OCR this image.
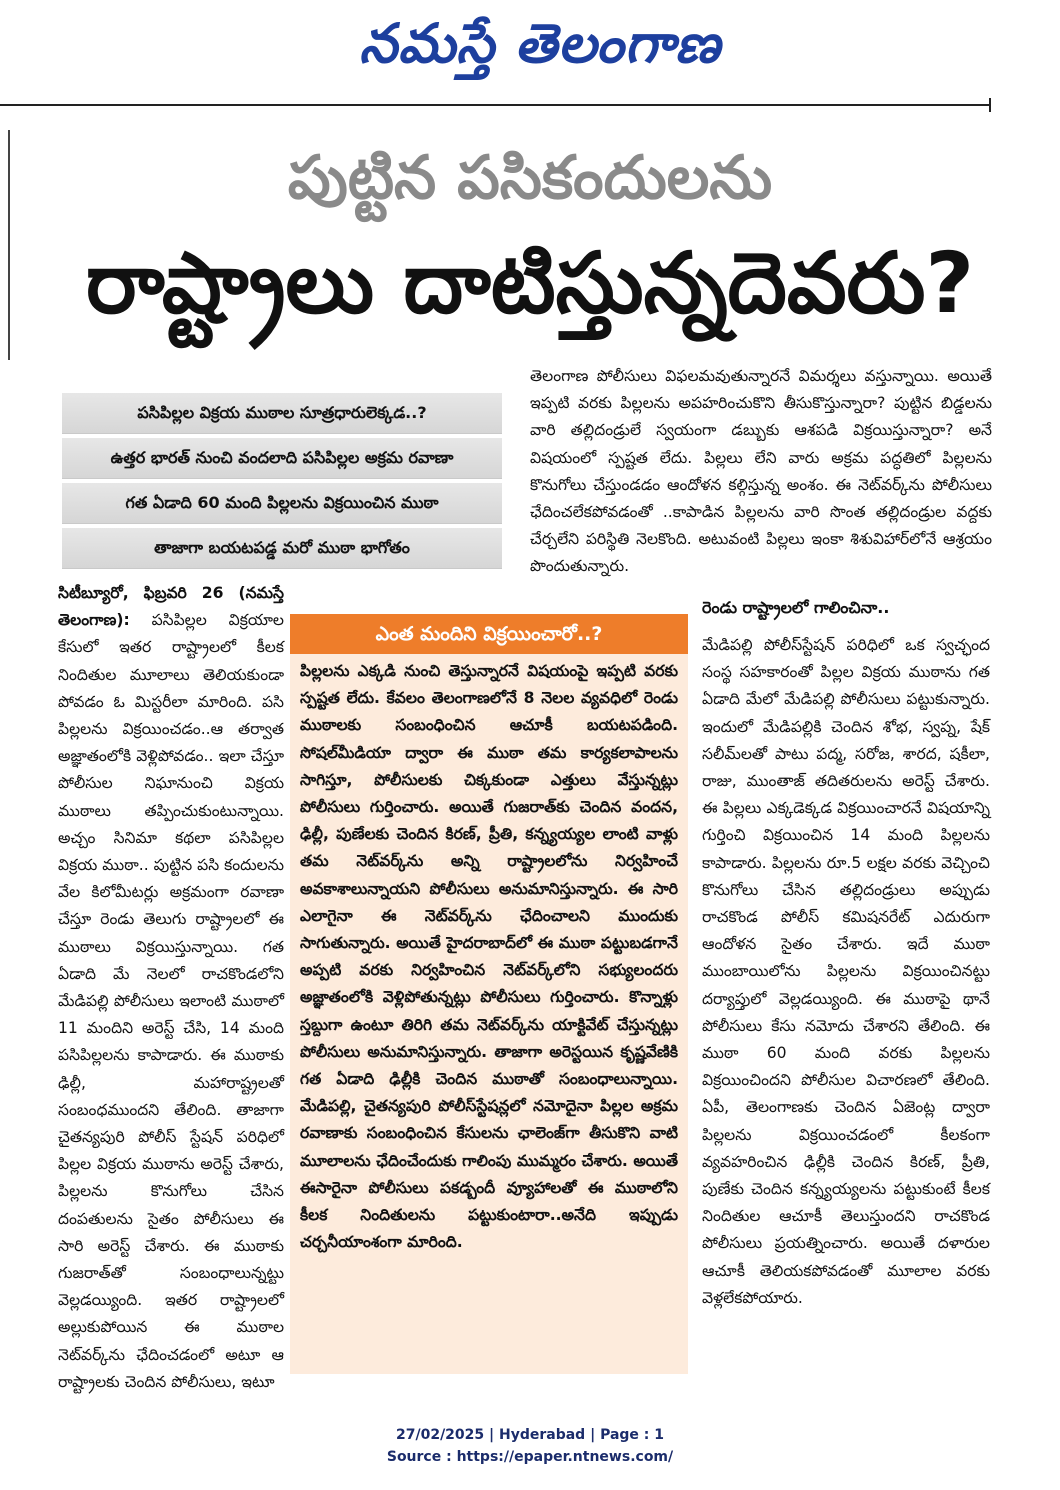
నమస్తే తెలంగాణ
పుట్టిన పసికందులను
రాష్ట్రాలు దాటిస్తున్నదెవరు?
పసిపిల్లల విక్రయ ముఠాల సూత్రధారులెక్కడ..?
ఉత్తర భారత్ నుంచి వందలాది పసిపిల్లల అక్రమ రవాణా
గత ఏడాది 60 మంది పిల్లలను విక్రయించిన ముఠా
తాజాగా బయటపడ్డ మరో ముఠా భాగోతం

సిటీబ్యూరో, ఫిబ్రవరి 26 (నమస్తే తెలంగాణ): పసిపిల్లల విక్రయాల కేసులో ఇతర రాష్ట్రాలలో కీలక నిందితుల మూలాలు తెలియకుండా పోవడం ఓ మిస్టరీలా మారింది. పసి పిల్లలను విక్రయించడం..ఆ తర్వాత అజ్ఞాతంలోకి వెళ్లిపోవడం.. ఇలా చేస్తూ పోలీసుల నిఘానుంచి విక్రయ ముఠాలు తప్పించుకుంటున్నాయి. అచ్చం సినిమా కథలా పసిపిల్లల విక్రయ ముఠా.. పుట్టిన పసి కందులను వేల కిలోమీటర్లు అక్రమంగా రవాణా చేస్తూ రెండు తెలుగు రాష్ట్రాలలో ఈ ముఠాలు విక్రయిస్తున్నాయి. గత ఏడాది మే నెలలో రాచకొండలోని మేడిపల్లి పోలీసులు ఇలాంటి ముఠాలో 11 మందిని అరెస్ట్ చేసి, 14 మంది పసిపిల్లలను కాపాడారు. ఈ ముఠాకు ఢిల్లీ, మహారాష్ట్రలతో సంబంధముందని తేలింది. తాజాగా చైతన్యపురి పోలీస్ స్టేషన్ పరిధిలో పిల్లల విక్రయ ముఠాను అరెస్ట్ చేశారు, పిల్లలను కొనుగోలు చేసిన దంపతులను సైతం పోలీసులు ఈ సారి అరెస్ట్ చేశారు. ఈ ముఠాకు గుజరాత్‌తో సంబంధాలున్నట్టు వెల్లడయ్యింది. ఇతర రాష్ట్రాలలో అల్లుకుపోయిన ఈ ముఠాల నెట్‌వర్క్‌ను ఛేదించడంలో అటూ ఆ రాష్ట్రాలకు చెందిన పోలీసులు, ఇటూ

తెలంగాణ పోలీసులు విఫలమవుతున్నారనే విమర్శలు వస్తున్నాయి. అయితే ఇప్పటి వరకు పిల్లలను అపహరించుకొని తీసుకొస్తున్నారా? పుట్టిన బిడ్డలను వారి తల్లిదండ్రులే స్వయంగా డబ్బుకు ఆశపడి విక్రయిస్తున్నారా? అనే విషయంలో స్పష్టత లేదు. పిల్లలు లేని వారు అక్రమ పద్ధతిలో పిల్లలను కొనుగోలు చేస్తుండడం ఆందోళన కల్గిస్తున్న అంశం. ఈ నెట్‌వర్క్‌ను పోలీసులు ఛేదించలేకపోవడంతో ..కాపాడిన పిల్లలను వారి సొంత తల్లిదండ్రుల వద్దకు చేర్చలేని పరిస్థితి నెలకొంది. అటువంటి పిల్లలు ఇంకా శిశువిహార్‌లోనే ఆశ్రయం పొందుతున్నారు.

రెండు రాష్ట్రాలలో గాలించినా..

మేడిపల్లి పోలీస్‌స్టేషన్ పరిధిలో ఒక స్వచ్ఛంద సంస్థ సహకారంతో పిల్లల విక్రయ ముఠాను గత ఏడాది మేలో మేడిపల్లి పోలీసులు పట్టుకున్నారు. ఇందులో మేడిపల్లికి చెందిన శోభ, స్వప్న, షేక్ సలీమ్‌లతో పాటు పద్మ, సరోజ, శారద, షకీలా, రాజు, ముంతాజ్ తదితరులను అరెస్ట్ చేశారు. ఈ పిల్లలు ఎక్కడెక్కడ విక్రయించారనే విషయాన్ని గుర్తించి విక్రయించిన 14 మంది పిల్లలను కాపాడారు. పిల్లలను రూ.5 లక్షల వరకు వెచ్చించి కొనుగోలు చేసిన తల్లిదండ్రులు అప్పుడు రాచకొండ పోలీస్ కమిషనరేట్ ఎదురుగా ఆందోళన సైతం చేశారు. ఇదే ముఠా ముంబాయిలోను పిల్లలను విక్రయించినట్టు దర్యాప్తులో వెల్లడయ్యింది. ఈ ముఠాపై థానే పోలీసులు కేసు నమోదు చేశారని తేలింది. ఈ ముఠా 60 మంది వరకు పిల్లలను విక్రయించిందని పోలీసుల విచారణలో తేలింది. ఏపీ, తెలంగాణకు చెందిన ఏజెంట్ల ద్వారా పిల్లలను విక్రయించడంలో కీలకంగా వ్యవహరించిన ఢిల్లీకి చెందిన కిరణ్, ప్రీతి, పుణేకు చెందిన కన్న్యయ్యలను పట్టుకుంటే కీలక నిందితుల ఆచూకీ తెలుస్తుందని రాచకొండ పోలీసులు ప్రయత్నించారు. అయితే దళారుల ఆచూకీ తెలియకపోవడంతో మూలాల వరకు వెళ్లలేకపోయారు.

ఎంత మందిని విక్రయించారో..?
పిల్లలను ఎక్కడి నుంచి తెస్తున్నారనే విషయంపై ఇప్పటి వరకు స్పష్టత లేదు. కేవలం తెలంగాణలోనే 8 నెలల వ్యవధిలో రెండు ముఠాలకు సంబంధించిన ఆచూకీ బయటపడింది. సోషల్‌మీడియా ద్వారా ఈ ముఠా తమ కార్యకలాపాలను సాగిస్తూ, పోలీసులకు చిక్కకుండా ఎత్తులు వేస్తున్నట్లు పోలీసులు గుర్తించారు. అయితే గుజరాత్‌కు చెందిన వందన, ఢిల్లీ, పుణేలకు చెందిన కిరణ్, ప్రీతి, కన్న్యయ్యల లాంటి వాళ్లు తమ నెట్‌వర్క్‌ను అన్ని రాష్ట్రాలలోను నిర్వహించే అవకాశాలున్నాయని పోలీసులు అనుమానిస్తున్నారు. ఈ సారి ఎలాగైనా ఈ నెట్‌వర్క్‌ను ఛేదించాలని ముందుకు సాగుతున్నారు. అయితే హైదరాబాద్‌లో ఈ ముఠా పట్టుబడగానే అప్పటి వరకు నిర్వహించిన నెట్‌వర్క్‌లోని సభ్యులందరు అజ్ఞాతంలోకి వెళ్లిపోతున్నట్లు పోలీసులు గుర్తించారు. కొన్నాళ్లు స్తబ్దుగా ఉంటూ తిరిగి తమ నెట్‌వర్క్‌ను యాక్టివేట్ చేస్తున్నట్లు పోలీసులు అనుమానిస్తున్నారు. తాజాగా అరెస్టయిన కృష్ణవేణికి గత ఏడాది ఢిల్లీకి చెందిన ముఠాతో సంబంధాలున్నాయి. మేడిపల్లి, చైతన్యపురి పోలీస్‌స్టేషన్లలో నమోదైనా పిల్లల అక్రమ రవాణాకు సంబంధించిన కేసులను ఛాలెంజ్‌గా తీసుకొని వాటి మూలాలను ఛేదించేందుకు గాలింపు ముమ్మరం చేశారు. అయితే ఈసారైనా పోలీసులు పకడ్బందీ వ్యూహాలతో ఈ ముఠాలోని కీలక నిందితులను పట్టుకుంటారా..అనేది ఇప్పుడు చర్చనీయాంశంగా మారింది.
27/02/2025 | Hyderabad | Page : 1
Source : https://epaper.ntnews.com/
